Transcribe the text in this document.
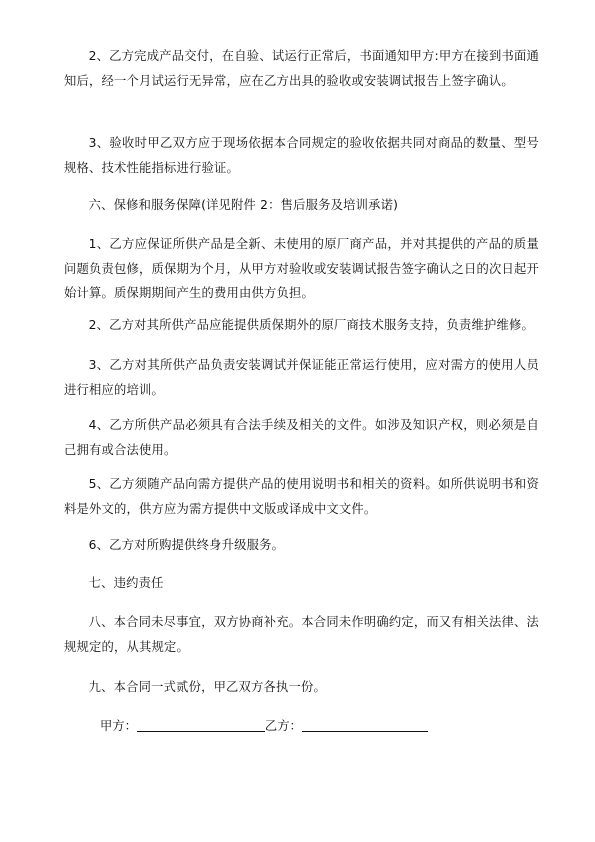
2、乙方完成产品交付，在自验、试运行正常后，书面通知甲方:甲方在接到书面通知后，经一个月试运行无异常，应在乙方出具的验收或安装调试报告上签字确认。

3、验收时甲乙双方应于现场依据本合同规定的验收依据共同对商品的数量、型号规格、技术性能指标进行验证。

六、保修和服务保障(详见附件 2：售后服务及培训承诺)

1、乙方应保证所供产品是全新、未使用的原厂商产品，并对其提供的产品的质量问题负责包修，质保期为个月，从甲方对验收或安装调试报告签字确认之日的次日起开始计算。质保期期间产生的费用由供方负担。

2、乙方对其所供产品应能提供质保期外的原厂商技术服务支持，负责维护维修。

3、乙方对其所供产品负责安装调试并保证能正常运行使用，应对需方的使用人员进行相应的培训。

4、乙方所供产品必须具有合法手续及相关的文件。如涉及知识产权，则必须是自己拥有或合法使用。

5、乙方须随产品向需方提供产品的使用说明书和相关的资料。如所供说明书和资料是外文的，供方应为需方提供中文版或译成中文文件。

6、乙方对所购提供终身升级服务。

七、违约责任

八、本合同未尽事宜，双方协商补充。本合同未作明确约定，而又有相关法律、法规规定的，从其规定。

九、本合同一式贰份，甲乙双方各执一份。

甲方：	乙方：
